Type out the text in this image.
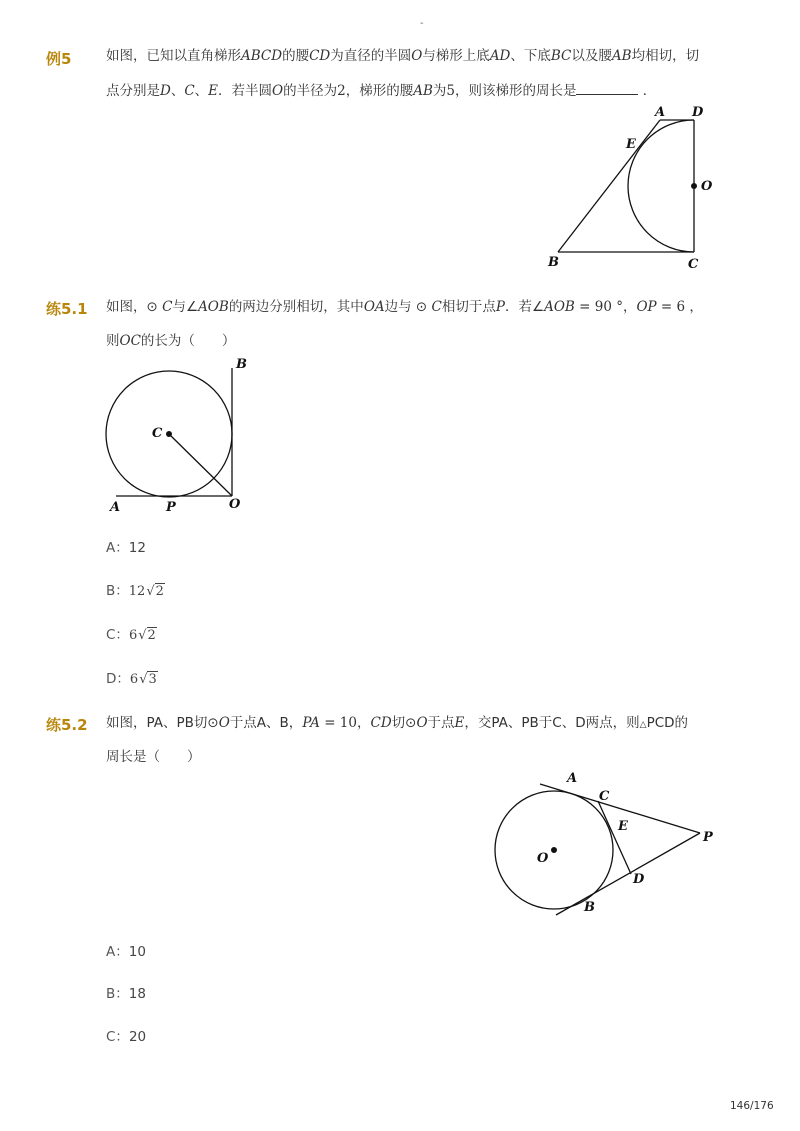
-
例5	如图，已知以直角梯形ABCD的腰CD为直径的半圆O与梯形上底AD、下底BC以及腰AB均相切，切
点分别是D、C、E．若半圆O的半径为2，梯形的腰AB为5，则该梯形的周长是	．
A D
E
O
B	C
练5.1 如图，⊙ C与∠AOB的两边分别相切，其中OA边与 ⊙ C相切于点P．若∠AOB = 90 °，OP = 6 ，
则OC的长为（　　）
B
C
A	P	O
A：12
B：12√2
C：6√2
D：6√3
练5.2 如图，PA、PB切⊙O于点A、B，PA = 10，CD切⊙O于点E，交PA、PB于C、D两点，则△PCD的
周长是（　　）
A
C
E
P
O
D
B
A：10
B：18
C：20
146/176
